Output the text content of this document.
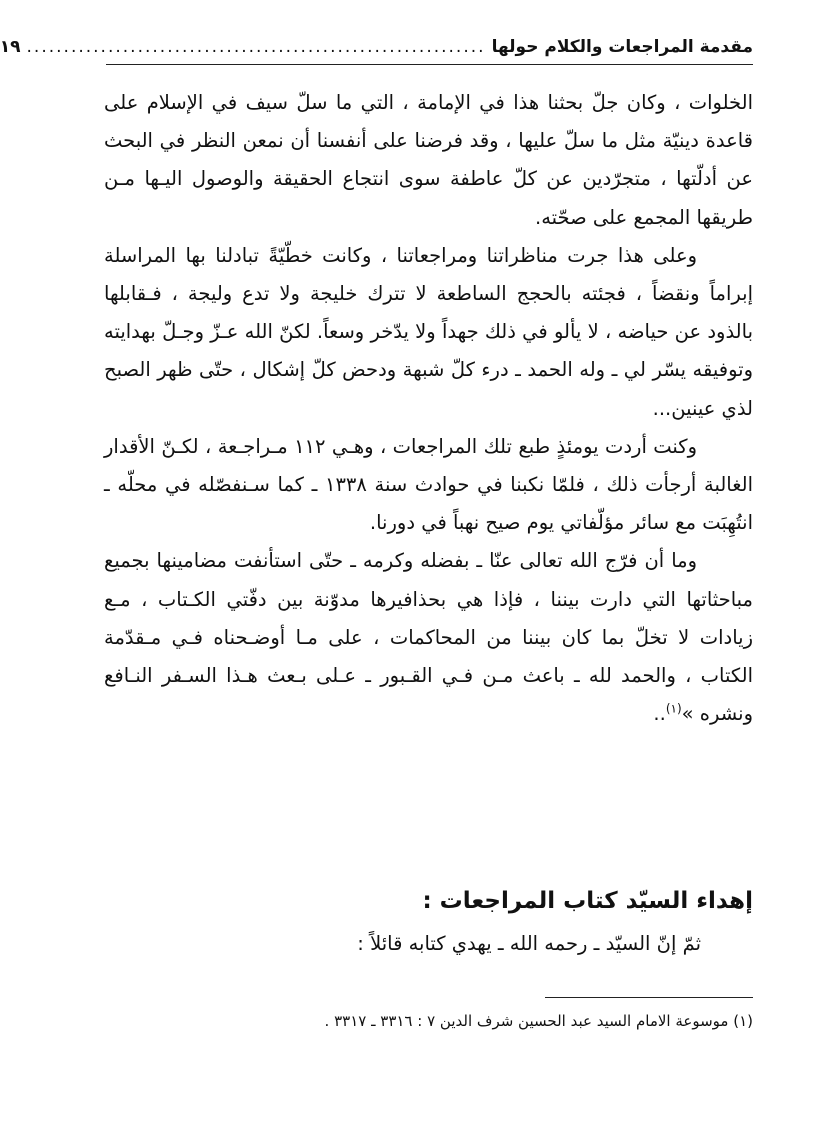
مقدمة المراجعات والكلام حولها
..............................................................
١٩

الخلوات ، وكان جلّ بحثنا هذا في الإمامة ، التي ما سلّ سيف في الإسلام على قاعدة دينيّة مثل ما سلّ عليها ، وقد فرضنا على أنفسنا أن نمعن النظر في البحث عن أدلّتها ، متجرّدين عن كلّ عاطفة سوى انتجاع الحقيقة والوصول اليـها مـن طريقها المجمع على صحّته.

وعلى هذا جرت مناظراتنا ومراجعاتنا ، وكانت خطّيّةً تبادلنا بها المراسلة إبراماً ونقضاً ، فجئته بالحجج الساطعة لا تترك خليجة ولا تدع وليجة ، فـقابلها بالذود عن حياضه ، لا يألو في ذلك جهداً ولا يدّخر وسعاً. لكنّ الله عـزّ وجـلّ بهدايته وتوفيقه يسّر لي ـ وله الحمد ـ درء كلّ شبهة ودحض كلّ إشكال ، حتّى ظهر الصبح لذي عينين...

وكنت أردت يومئذٍ طبع تلك المراجعات ، وهـي ١١٢ مـراجـعة ، لكـنّ الأقدار الغالبة أرجأت ذلك ، فلمّا نكبنا في حوادث سنة ١٣٣٨ ـ كما سـنفصّله في محلّه ـ انتُهِبَت مع سائر مؤلّفاتي يوم صيح نهباً في دورنا.

وما أن فرّج الله تعالى عنّا ـ بفضله وكرمه ـ حتّى استأنفت مضامينها بجميع مباحثاتها التي دارت بيننا ، فإذا هي بحذافيرها مدوّنة بين دفّتي الكـتاب ، مـع زيادات لا تخلّ بما كان بيننا من المحاكمات ، على مـا أوضـحناه فـي مـقدّمة الكتاب ، والحمد لله ـ باعث مـن فـي القـبور ـ عـلى بـعث هـذا السـفر النـافع ونشره »$^{(١)}$..

إهداء السيّد كتاب المراجعات :
ثمّ إنّ السيّد ـ رحمه الله ـ يهدي كتابه قائلاً :
(١) موسوعة الامام السيد عبد الحسين شرف الدين ٧ : ٣٣١٦ ـ ٣٣١٧ .
